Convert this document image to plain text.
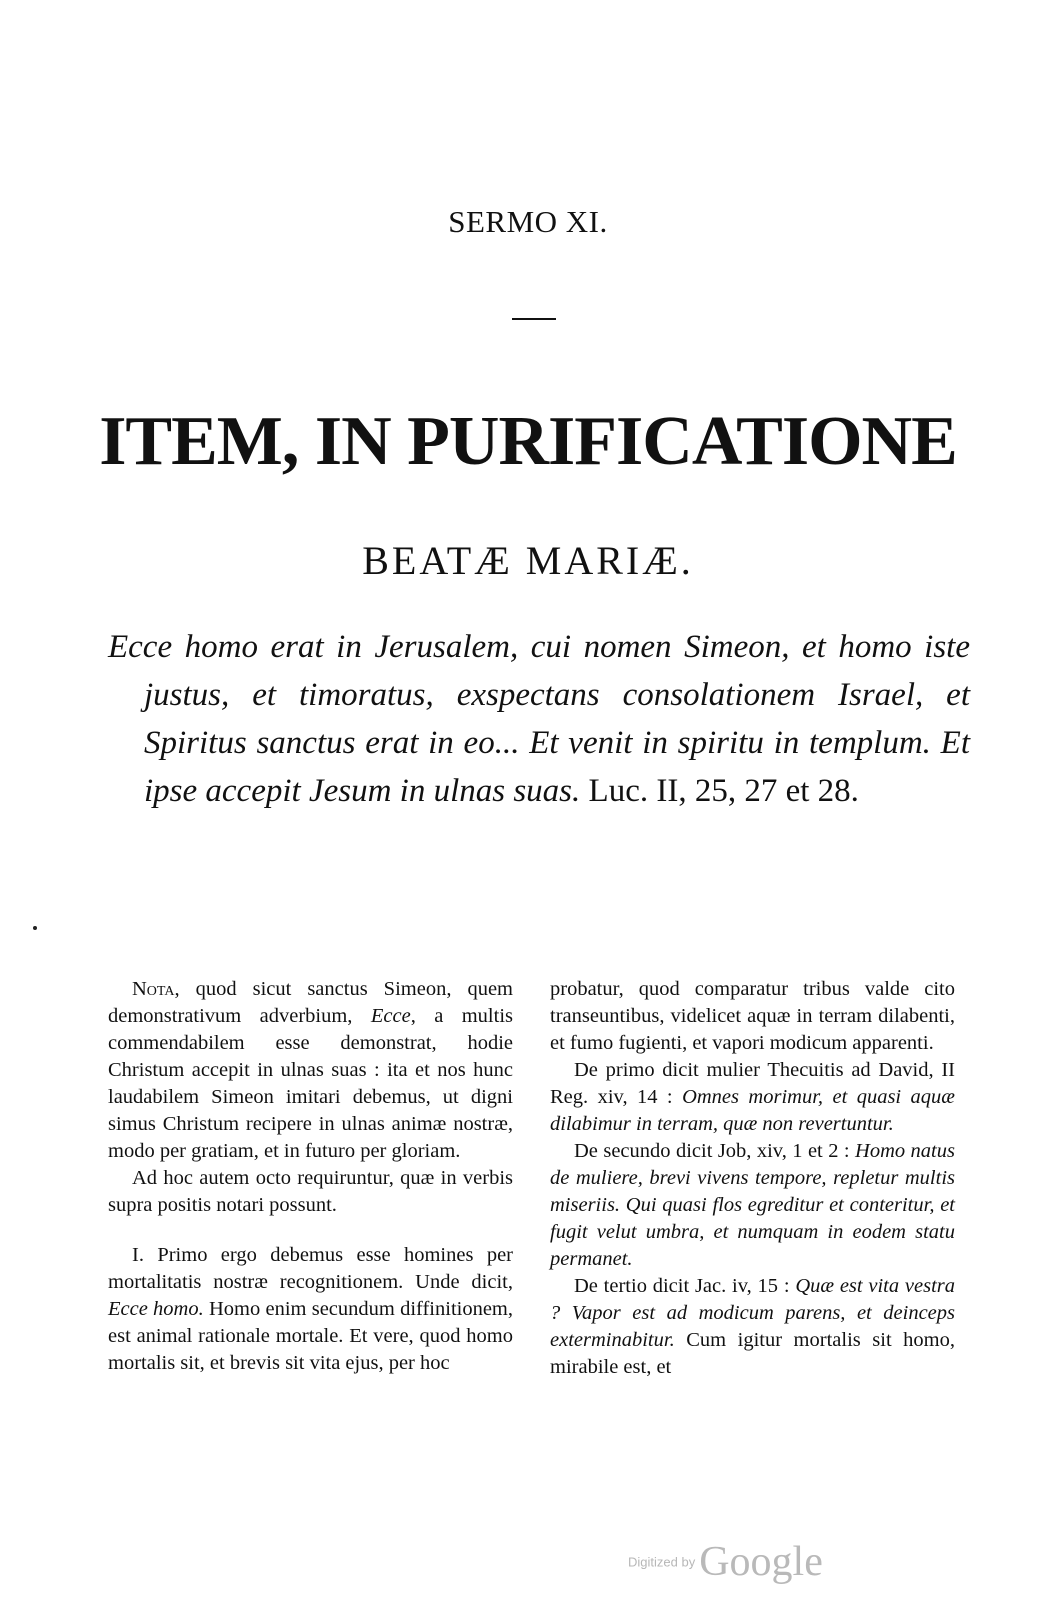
SERMO XI.
ITEM, IN PURIFICATIONE
BEATÆ MARIÆ.

Ecce homo erat in Jerusalem, cui nomen Simeon, et homo iste justus, et timoratus, exspectans consolationem Israel, et Spiritus sanctus erat in eo... Et venit in spiritu in templum. Et ipse accepit Jesum in ulnas suas. Luc. II, 25, 27 et 28.

Nota, quod sicut sanctus Simeon, quem demonstrativum adverbium, Ecce, a multis commendabilem esse demonstrat, hodie Christum accepit in ulnas suas : ita et nos hunc laudabilem Simeon imitari debemus, ut digni simus Christum recipere in ulnas animæ nostræ, modo per gratiam, et in futuro per gloriam.

Ad hoc autem octo requiruntur, quæ in verbis supra positis notari possunt.

I. Primo ergo debemus esse homines per mortalitatis nostræ recognitionem. Unde dicit, Ecce homo. Homo enim secundum diffinitionem, est animal rationale mortale. Et vere, quod homo mortalis sit, et brevis sit vita ejus, per hoc

probatur, quod comparatur tribus valde cito transeuntibus, videlicet aquæ in terram dilabenti, et fumo fugienti, et vapori modicum apparenti.

De primo dicit mulier Thecuitis ad David, II Reg. xiv, 14 : Omnes morimur, et quasi aquæ dilabimur in terram, quæ non revertuntur.

De secundo dicit Job, xiv, 1 et 2 : Homo natus de muliere, brevi vivens tempore, repletur multis miseriis. Qui quasi flos egreditur et conteritur, et fugit velut umbra, et numquam in eodem statu permanet.

De tertio dicit Jac. iv, 15 : Quæ est vita vestra ? Vapor est ad modicum parens, et deinceps exterminabitur. Cum igitur mortalis sit homo, mirabile est, et

Digitized byGoogle
